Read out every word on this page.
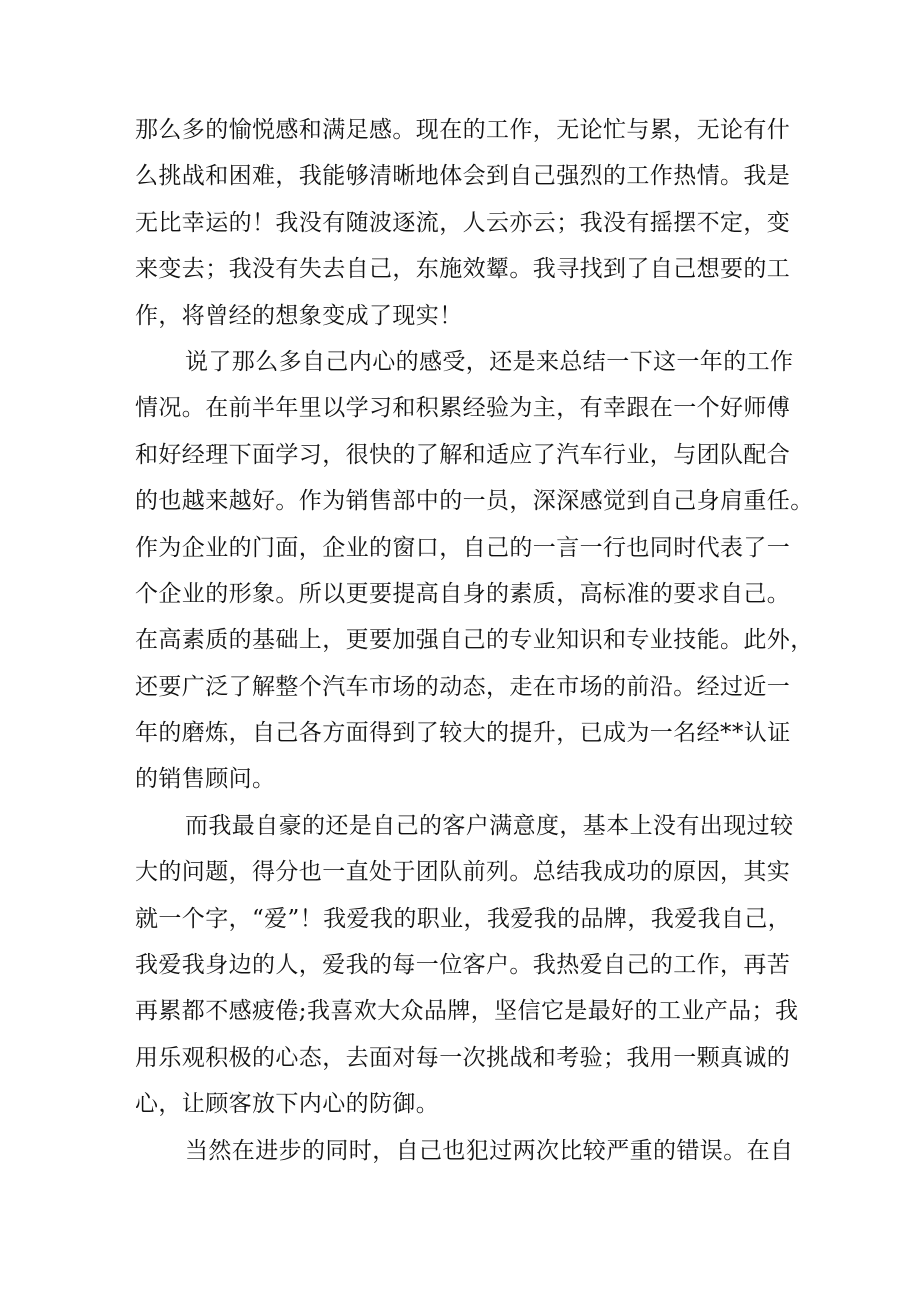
那么多的愉悦感和满足感。现在的工作，无论忙与累，无论有什
么挑战和困难，我能够清晰地体会到自己强烈的工作热情。我是
无比幸运的！我没有随波逐流，人云亦云；我没有摇摆不定，变
来变去；我没有失去自己，东施效颦。我寻找到了自己想要的工
作，将曾经的想象变成了现实！
说了那么多自己内心的感受，还是来总结一下这一年的工作
情况。在前半年里以学习和积累经验为主，有幸跟在一个好师傅
和好经理下面学习，很快的了解和适应了汽车行业，与团队配合
的也越来越好。作为销售部中的一员，深深感觉到自己身肩重任。
作为企业的门面，企业的窗口，自己的一言一行也同时代表了一
个企业的形象。所以更要提高自身的素质，高标准的要求自己。
在高素质的基础上，更要加强自己的专业知识和专业技能。此外，
还要广泛了解整个汽车市场的动态，走在市场的前沿。经过近一
年的磨炼，自己各方面得到了较大的提升，已成为一名经**认证
的销售顾问。
而我最自豪的还是自己的客户满意度，基本上没有出现过较
大的问题，得分也一直处于团队前列。总结我成功的原因，其实
就一个字，“爱”！我爱我的职业，我爱我的品牌，我爱我自己，
我爱我身边的人，爱我的每一位客户。我热爱自己的工作，再苦
再累都不感疲倦;我喜欢大众品牌，坚信它是最好的工业产品；我
用乐观积极的心态，去面对每一次挑战和考验；我用一颗真诚的
心，让顾客放下内心的防御。
当然在进步的同时，自己也犯过两次比较严重的错误。在自
